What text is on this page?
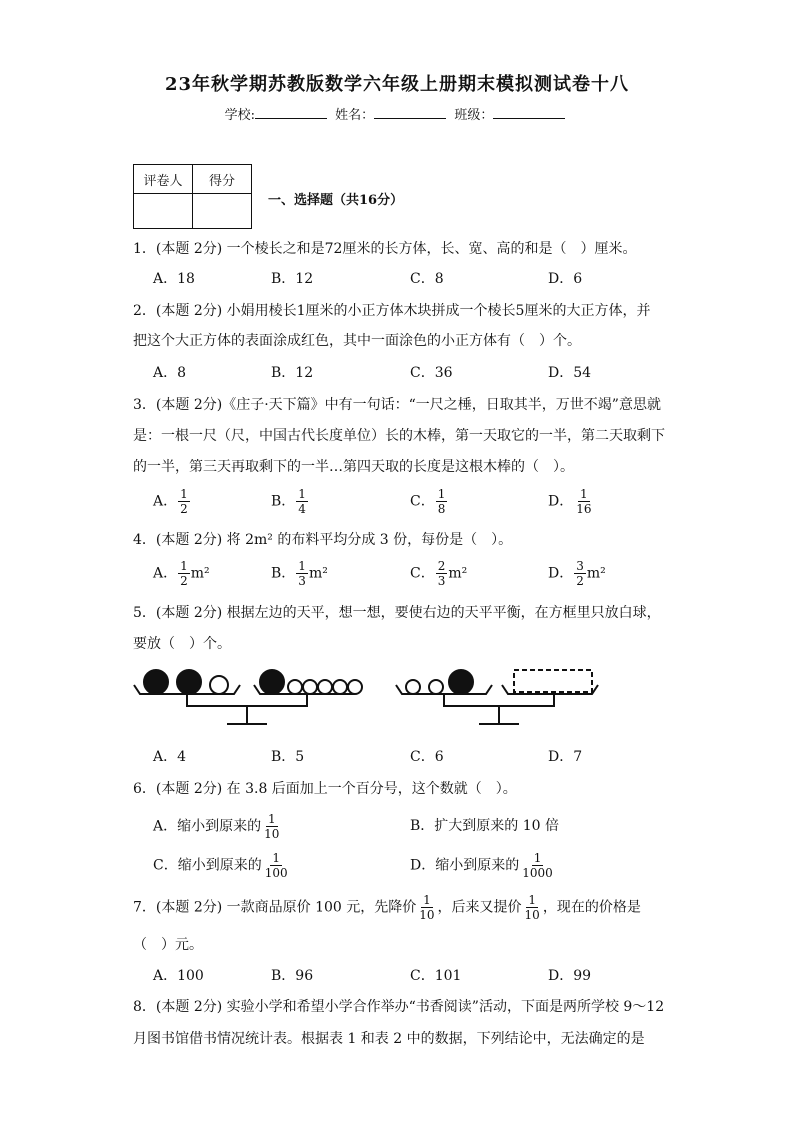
23年秋学期苏教版数学六年级上册期末模拟测试卷十八
学校:	姓名：	班级：
评卷人	得分

一、选择题（共16分）
1．(本题 2分) 一个棱长之和是72厘米的长方体，长、宽、高的和是（　）厘米。
A．18	B．12	C．8	D．6
2．(本题 2分) 小娟用棱长1厘米的小正方体木块拼成一个棱长5厘米的大正方体，并
把这个大正方体的表面涂成红色，其中一面涂色的小正方体有（　）个。
A．8	B．12	C．36	D．54
3．(本题 2分)《庄子·天下篇》中有一句话：“一尺之棰，日取其半，万世不竭”意思就
是：一根一尺（尺，中国古代长度单位）长的木棒，第一天取它的一半，第二天取剩下
的一半，第三天再取剩下的一半…第四天取的长度是这根木棒的（　）。
A． $\frac{1}{2}$	B． $\frac{1}{4}$	C． $\frac{1}{8}$	D． $\frac{1}{16}$
4．(本题 2分) 将 2m² 的布料平均分成 3 份，每份是（　）。
A． $\frac{1}{2} m^2$	B． $\frac{1}{3} m^2$	C． $\frac{2}{3} m^2$	D． $\frac{3}{2} m^2$
5．(本题 2分) 根据左边的天平，想一想，要使右边的天平平衡，在方框里只放白球，
要放（　）个。
A．4	B．5	C．6	D．7
6．(本题 2分) 在 3.8 后面加上一个百分号，这个数就（　）。
A．缩小到原来的 $\frac{1}{10}$	B．扩大到原来的 10 倍
C．缩小到原来的 $\frac{1}{100}$	D．缩小到原来的 $\frac{1}{1000}$
7．(本题 2分) 一款商品原价 100 元，先降价 $\frac{1}{10}$ ，后来又提价 $\frac{1}{10}$ ，现在的价格是
（　）元。
A．100	B．96	C．101	D．99
8．(本题 2分) 实验小学和希望小学合作举办“书香阅读”活动，下面是两所学校 9～12
月图书馆借书情况统计表。根据表 1 和表 2 中的数据，下列结论中，无法确定的是
